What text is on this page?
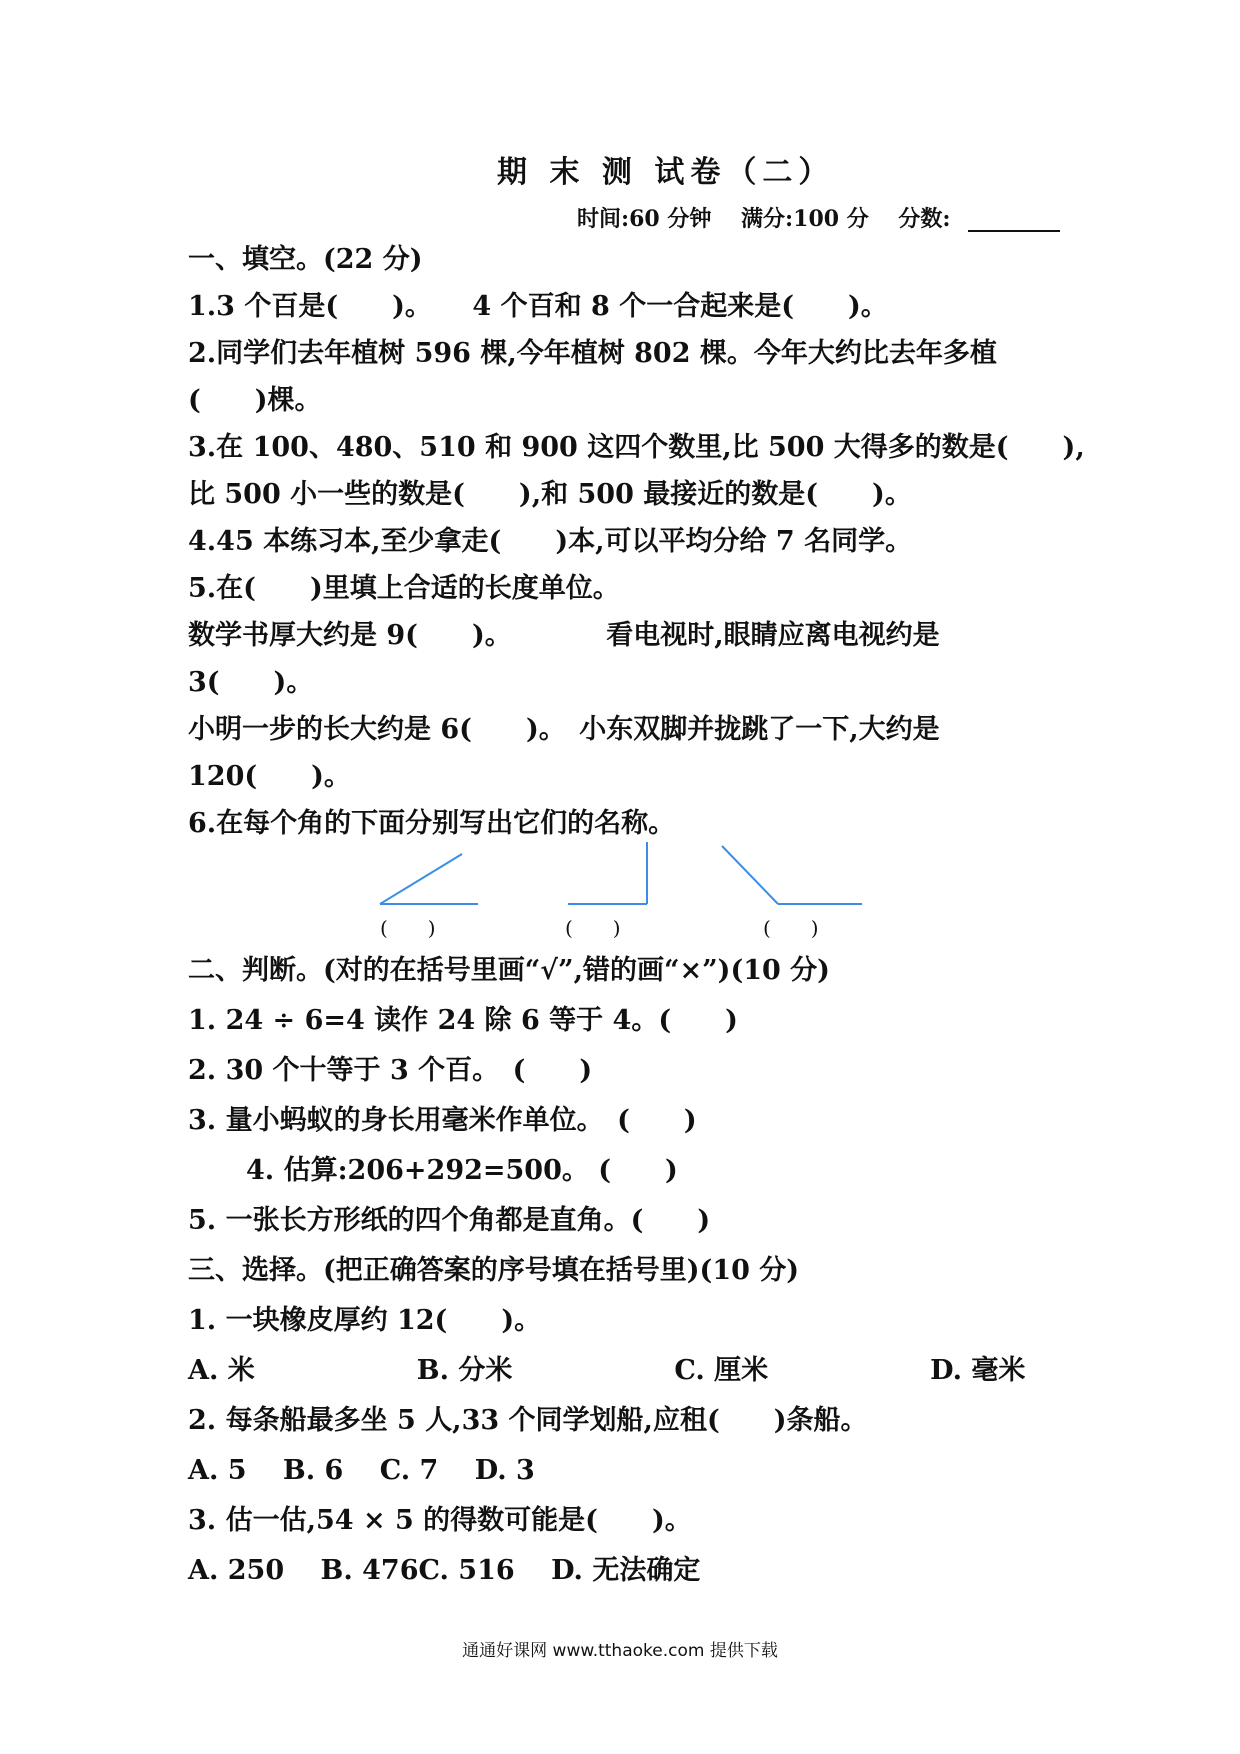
期 末 测 试卷（二）
时间:60 分钟　 满分:100 分　 分数:
一、填空。(22 分)
1.3 个百是(　　)。　　4 个百和 8 个一合起来是(　　)。
2.同学们去年植树 596 棵,今年植树 802 棵。今年大约比去年多植
(　　)棵。
3.在 100、480、510 和 900 这四个数里,比 500 大得多的数是(　　),
比 500 小一些的数是(　　),和 500 最接近的数是(　　)。
4.45 本练习本,至少拿走(　　)本,可以平均分给 7 名同学。
5.在(　　)里填上合适的长度单位。
数学书厚大约是 9(　　)。　　　　看电视时,眼睛应离电视约是
3(　　)。
小明一步的长大约是 6(　　)。　小东双脚并拢跳了一下,大约是
120(　　)。
6.在每个角的下面分别写出它们的名称。
(　　)	(　　)	(　　)
二、判断。(对的在括号里画“√”,错的画“×”)(10 分)
1. 24 ÷ 6=4 读作 24 除 6 等于 4。(　　)
2. 30 个十等于 3 个百。　(　　)
3. 量小蚂蚁的身长用毫米作单位。　(　　)
4. 估算:206+292=500。 (　　)
5. 一张长方形纸的四个角都是直角。(　　)
三、选择。(把正确答案的序号填在括号里)(10 分)
1. 一块橡皮厚约 12(　　)。
A. 米　　　　　　B. 分米　　　　　　C. 厘米　　　　　　D. 毫米
2. 每条船最多坐 5 人,33 个同学划船,应租(　　)条船。
A. 5　 B. 6　 C. 7　 D. 3
3. 估一估,54 × 5 的得数可能是(　　)。
A. 250　 B. 476C. 516　 D. 无法确定
通通好课网 www.tthaoke.com 提供下载
